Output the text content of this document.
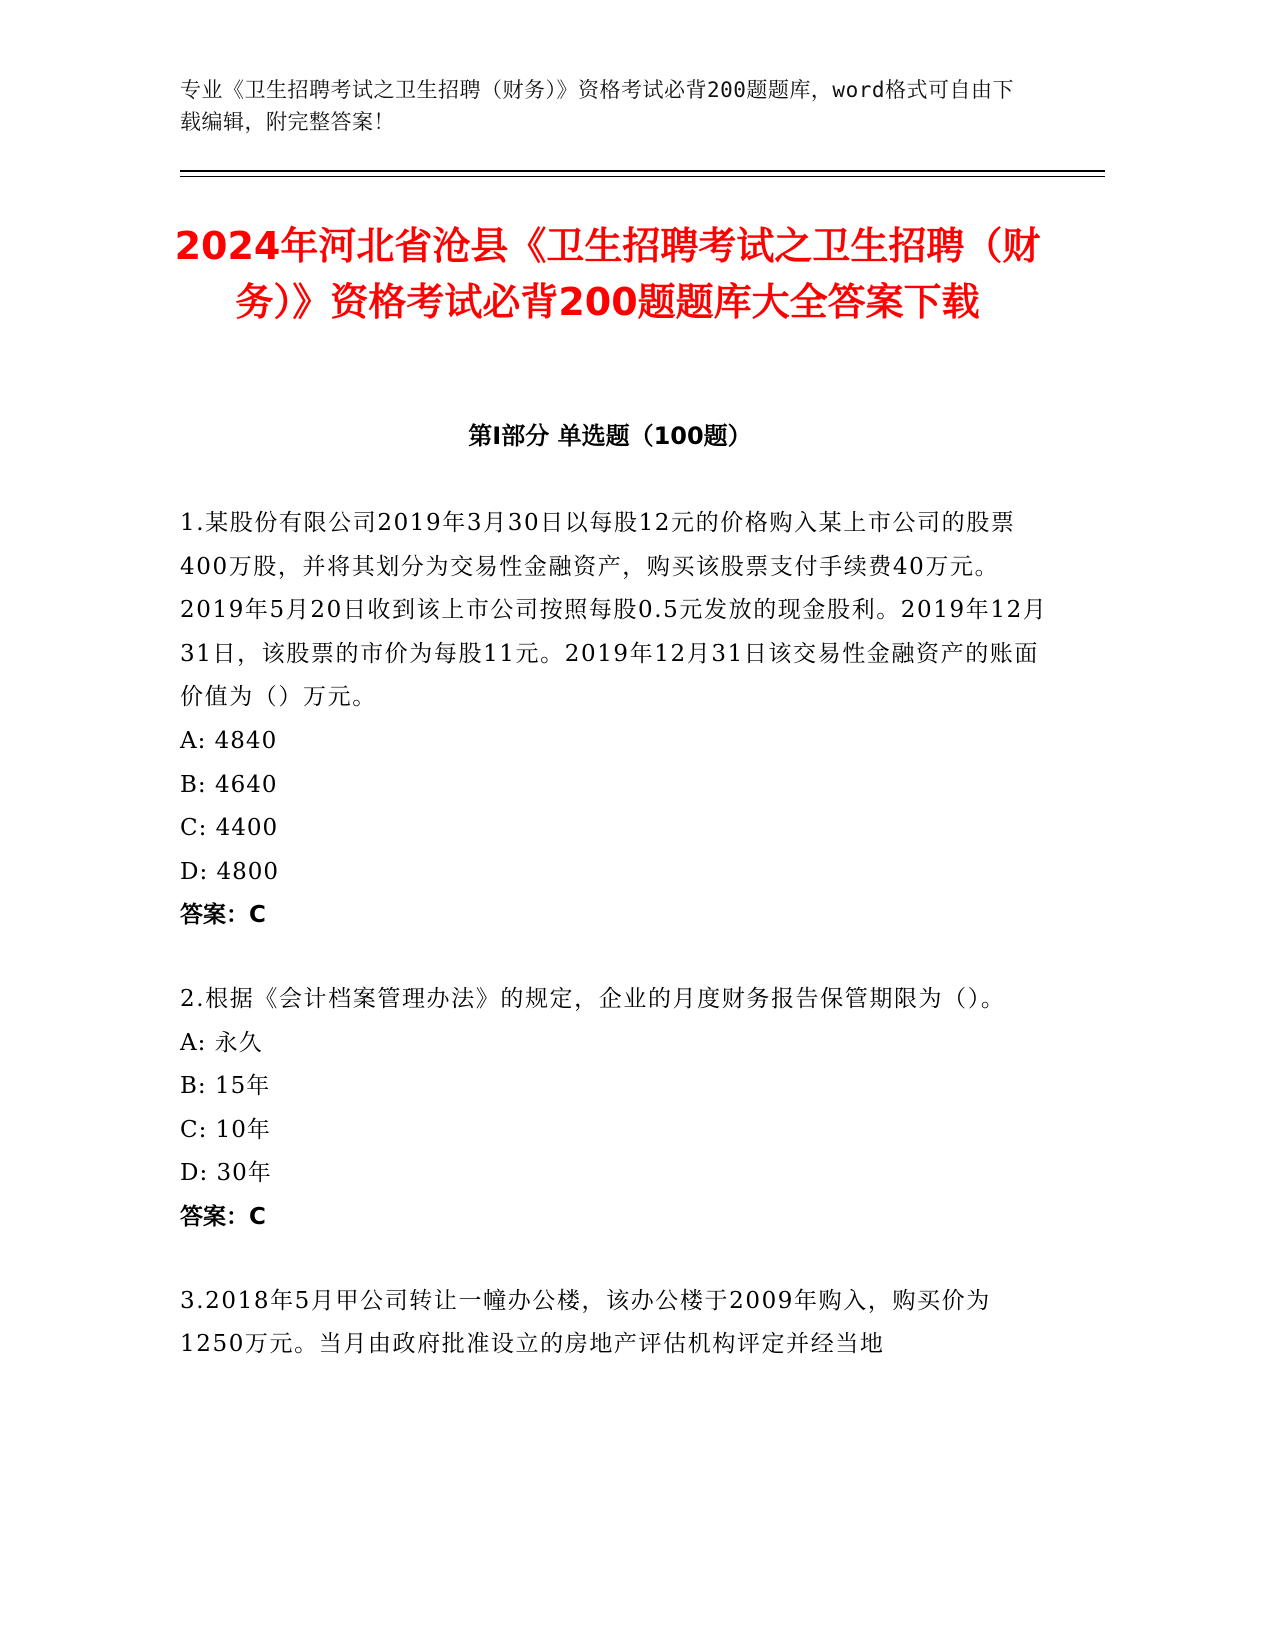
专业《卫生招聘考试之卫生招聘（财务）》资格考试必背200题题库，word格式可自由下载编辑，附完整答案！
2024年河北省沧县《卫生招聘考试之卫生招聘（财务）》资格考试必背200题题库大全答案下载
第Ⅰ部分 单选题（100题）
1.某股份有限公司2019年3月30日以每股12元的价格购入某上市公司的股票400万股，并将其划分为交易性金融资产，购买该股票支付手续费40万元。2019年5月20日收到该上市公司按照每股0.5元发放的现金股利。2019年12月31日，该股票的市价为每股11元。2019年12月31日该交易性金融资产的账面价值为（）万元。
A: 4840
B: 4640
C: 4400
D: 4800
答案：C
2.根据《会计档案管理办法》的规定，企业的月度财务报告保管期限为（）。
A: 永久
B: 15年
C: 10年
D: 30年
答案：C
3.2018年5月甲公司转让一幢办公楼，该办公楼于2009年购入，购买价为1250万元。当月由政府批准设立的房地产评估机构评定并经当地
